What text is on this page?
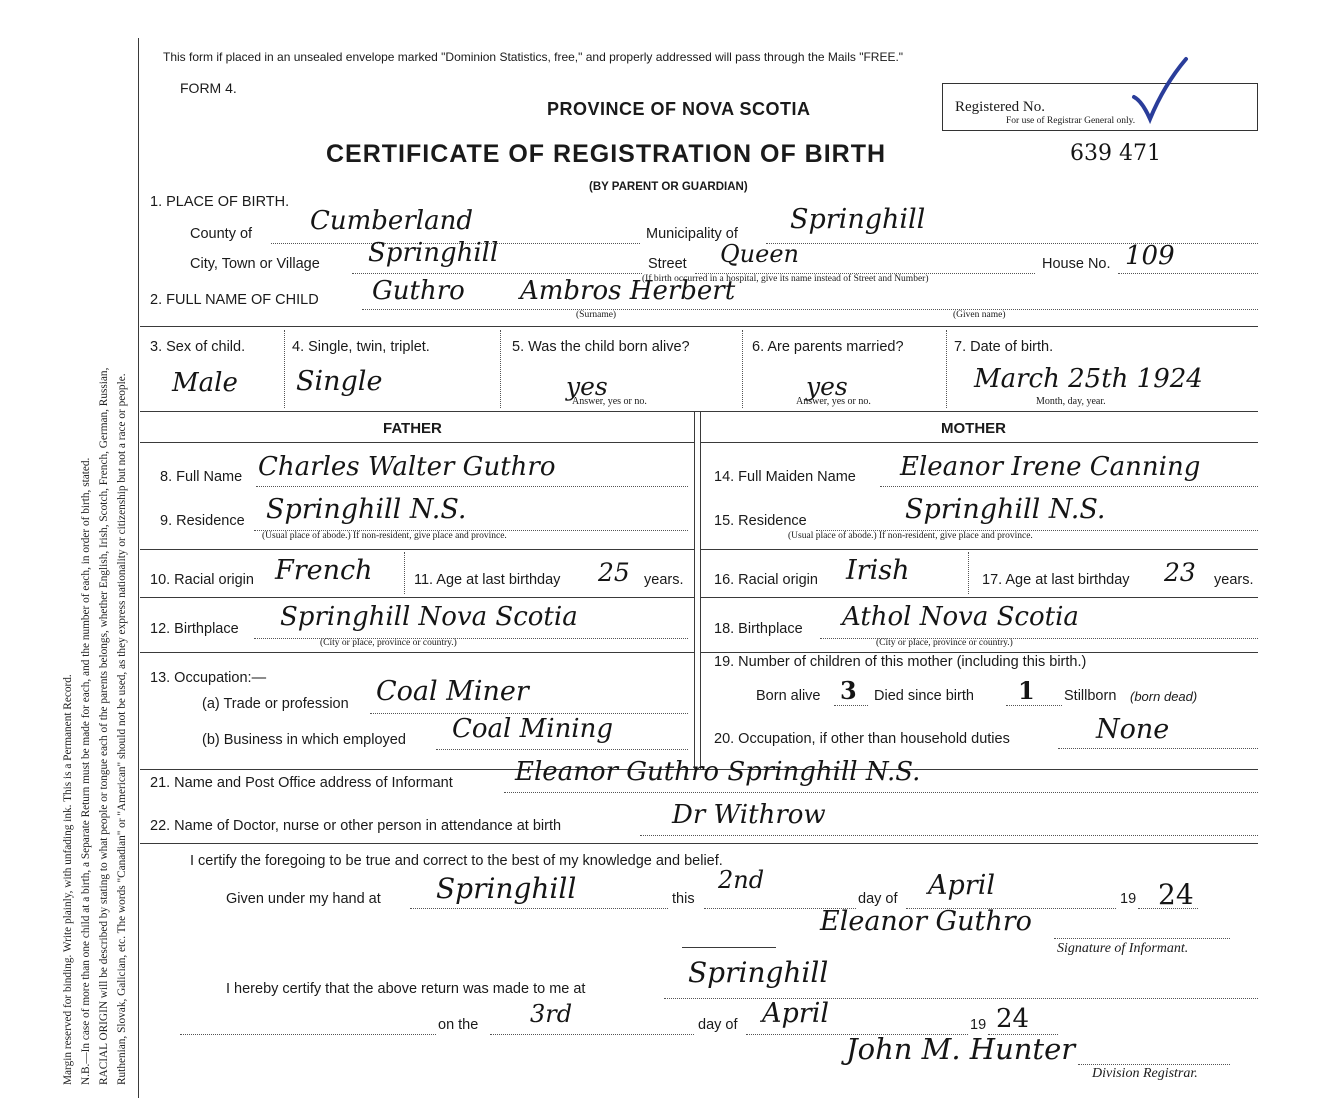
Margin reserved for binding. Write plainly, with unfading ink. This is a Permanent Record. N.B.—In case of more than one child at a birth, a Separate Return must be made for each, and the number of each, in order of birth, stated. RACIAL ORIGIN will be described by stating to what people or tongue each of the parents belongs, whether English, Irish, Scotch, French, German, Russian, Ruthenian, Slovak, Galician, etc. The words "Canadian" or "American" should not be used, as they express nationality or citizenship but not a race or people.
This form if placed in an unsealed envelope marked "Dominion Statistics, free," and properly addressed will pass through the Mails "FREE."
FORM 4.
PROVINCE OF NOVA SCOTIA
CERTIFICATE OF REGISTRATION OF BIRTH
(BY PARENT OR GUARDIAN)
Registered No.
For use of Registrar General only.
639 471
1. PLACE OF BIRTH.
County of Cumberland	Municipality of Springhill
City, Town or Village Springhill	Street Queen
(If birth occurred in a hospital, give its name instead of Street and Number)
House No. 109
2. FULL NAME OF CHILD Guthro Ambros Herbert
(Surname)	(Given name)
3. Sex of child.
Male
4. Single, twin, triplet.
Single
5. Was the child born alive?
yes
Answer, yes or no.
6. Are parents married?
yes
Answer, yes or no.
7. Date of birth.
March 25th 1924
Month, day, year.
FATHER	MOTHER
8. Full Name Charles Walter Guthro
9. Residence Springhill N.S.
(Usual place of abode.) If non-resident, give place and province.
10. Racial origin French	11. Age at last birthday 25 years.
12. Birthplace Springhill Nova Scotia
(City or place, province or country.)
13. Occupation:—
(a) Trade or profession Coal Miner
(b) Business in which employed Coal Mining
14. Full Maiden Name Eleanor Irene Canning
15. Residence	Springhill N.S.
(Usual place of abode.) If non-resident, give place and province.
16. Racial origin Irish	17. Age at last birthday 23 years.
18. Birthplace Athol Nova Scotia
(City or place, province or country.)
19. Number of children of this mother (including this birth.)
Born alive 3 Died since birth 1 Stillborn (born dead)
20. Occupation, if other than household duties	None
21. Name and Post Office address of Informant Eleanor Guthro Springhill N.S.
22. Name of Doctor, nurse or other person in attendance at birth	Dr Withrow
I certify the foregoing to be true and correct to the best of my knowledge and belief.
Given under my hand at Springhill	this
2nd
day of April	19 24
Eleanor Guthro
Signature of Informant.
I hereby certify that the above return was made to me at	Springhill
on the 3rd	day of April	19 24
John M. Hunter
Division Registrar.
